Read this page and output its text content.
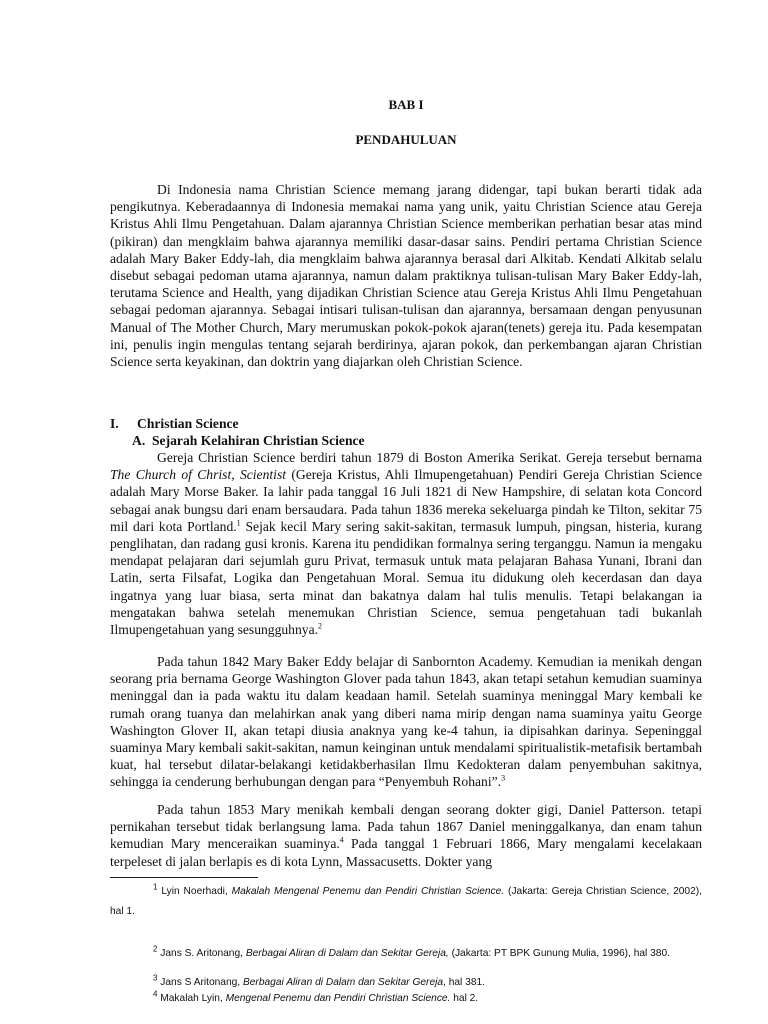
BAB I
PENDAHULUAN

Di Indonesia nama Christian Science memang jarang didengar, tapi bukan berarti tidak ada pengikutnya. Keberadaannya di Indonesia memakai nama yang unik, yaitu Christian Science atau Gereja Kristus Ahli Ilmu Pengetahuan. Dalam ajarannya Christian Science memberikan perhatian besar atas mind (pikiran) dan mengklaim bahwa ajarannya memiliki dasar-dasar sains. Pendiri pertama Christian Science adalah Mary Baker Eddy-lah, dia mengklaim bahwa ajarannya berasal dari Alkitab. Kendati Alkitab selalu disebut sebagai pedoman utama ajarannya, namun dalam praktiknya tulisan-tulisan Mary Baker Eddy-lah, terutama Science and Health, yang dijadikan Christian Science atau Gereja Kristus Ahli Ilmu Pengetahuan sebagai pedoman ajarannya. Sebagai intisari tulisan-tulisan dan ajarannya, bersamaan dengan penyusunan Manual of The Mother Church, Mary merumuskan pokok-pokok ajaran(tenets) gereja itu. Pada kesempatan ini, penulis ingin mengulas tentang sejarah berdirinya, ajaran pokok, dan perkembangan ajaran Christian Science serta keyakinan, dan doktrin yang diajarkan oleh Christian Science.

I. Christian Science
A. Sejarah Kelahiran Christian Science

Gereja Christian Science berdiri tahun 1879 di Boston Amerika Serikat. Gereja tersebut bernama The Church of Christ, Scientist (Gereja Kristus, Ahli Ilmupengetahuan) Pendiri Gereja Christian Science adalah Mary Morse Baker. Ia lahir pada tanggal 16 Juli 1821 di New Hampshire, di selatan kota Concord sebagai anak bungsu dari enam bersaudara. Pada tahun 1836 mereka sekeluarga pindah ke Tilton, sekitar 75 mil dari kota Portland.$^1$ Sejak kecil Mary sering sakit-sakitan, termasuk lumpuh, pingsan, histeria, kurang penglihatan, dan radang gusi kronis. Karena itu pendidikan formalnya sering terganggu. Namun ia mengaku mendapat pelajaran dari sejumlah guru Privat, termasuk untuk mata pelajaran Bahasa Yunani, Ibrani dan Latin, serta Filsafat, Logika dan Pengetahuan Moral. Semua itu didukung oleh kecerdasan dan daya ingatnya yang luar biasa, serta minat dan bakatnya dalam hal tulis menulis. Tetapi belakangan ia mengatakan bahwa setelah menemukan Christian Science, semua pengetahuan tadi bukanlah Ilmupengetahuan yang sesungguhnya.$^2$

Pada tahun 1842 Mary Baker Eddy belajar di Sanbornton Academy. Kemudian ia menikah dengan seorang pria bernama George Washington Glover pada tahun 1843, akan tetapi setahun kemudian suaminya meninggal dan ia pada waktu itu dalam keadaan hamil. Setelah suaminya meninggal Mary kembali ke rumah orang tuanya dan melahirkan anak yang diberi nama mirip dengan nama suaminya yaitu George Washington Glover II, akan tetapi diusia anaknya yang ke-4 tahun, ia dipisahkan darinya. Sepeninggal suaminya Mary kembali sakit-sakitan, namun keinginan untuk mendalami spiritualistik-metafisik bertambah kuat, hal tersebut dilatar-belakangi ketidakberhasilan Ilmu Kedokteran dalam penyembuhan sakitnya, sehingga ia cenderung berhubungan dengan para “Penyembuh Rohani”.$^3$

Pada tahun 1853 Mary menikah kembali dengan seorang dokter gigi, Daniel Patterson. tetapi pernikahan tersebut tidak berlangsung lama. Pada tahun 1867 Daniel meninggalkanya, dan enam tahun kemudian Mary menceraikan suaminya.$^4$ Pada tanggal 1 Februari 1866, Mary mengalami kecelakaan terpeleset di jalan berlapis es di kota Lynn, Massacusetts. Dokter yang

$^1$ Lyin Noerhadi, Makalah Mengenal Penemu dan Pendiri Christian Science. (Jakarta: Gereja Christian Science, 2002), hal 1.

$^2$ Jans S. Aritonang, Berbagai Aliran di Dalam dan Sekitar Gereja, (Jakarta: PT BPK Gunung Mulia, 1996), hal 380.

$^3$ Jans S Aritonang, Berbagai Aliran di Dalam dan Sekitar Gereja, hal 381.

$^4$ Makalah Lyin, Mengenal Penemu dan Pendiri Christian Science. hal 2.
